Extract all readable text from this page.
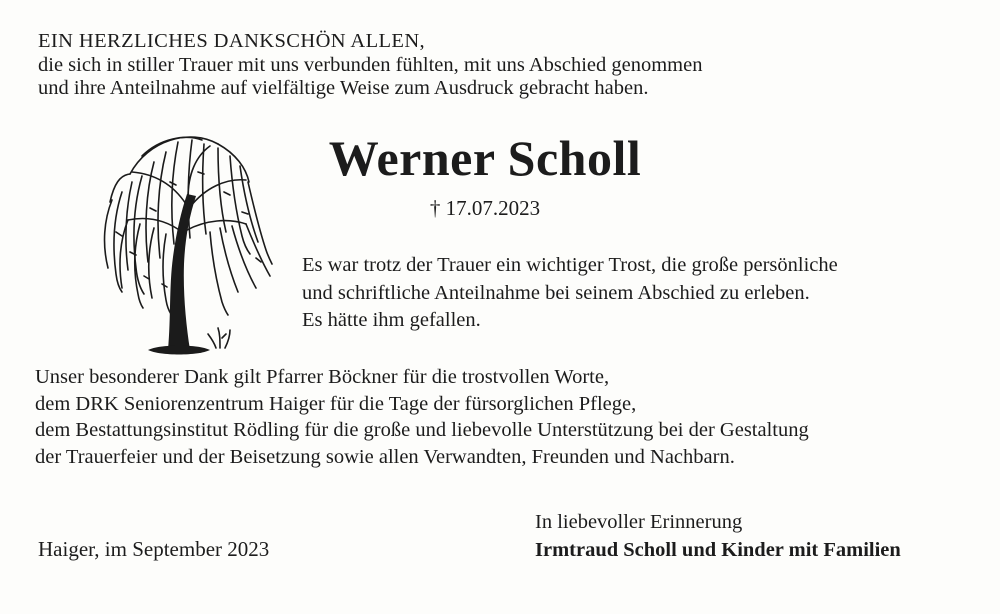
EIN HERZLICHES DANKSCHÖN ALLEN,
die sich in stiller Trauer mit uns verbunden fühlten, mit uns Abschied genommen
und ihre Anteilnahme auf vielfältige Weise zum Ausdruck gebracht haben.
Werner Scholl
† 17.07.2023
Es war trotz der Trauer ein wichtiger Trost, die große persönliche
und schriftliche Anteilnahme bei seinem Abschied zu erleben.
Es hätte ihm gefallen.
Unser besonderer Dank gilt Pfarrer Böckner für die trostvollen Worte,
dem DRK Seniorenzentrum Haiger für die Tage der fürsorglichen Pflege,
dem Bestattungsinstitut Rödling für die große und liebevolle Unterstützung bei der Gestaltung
der Trauerfeier und der Beisetzung sowie allen Verwandten, Freunden und Nachbarn.
Haiger, im September 2023
In liebevoller Erinnerung
Irmtraud Scholl und Kinder mit Familien
